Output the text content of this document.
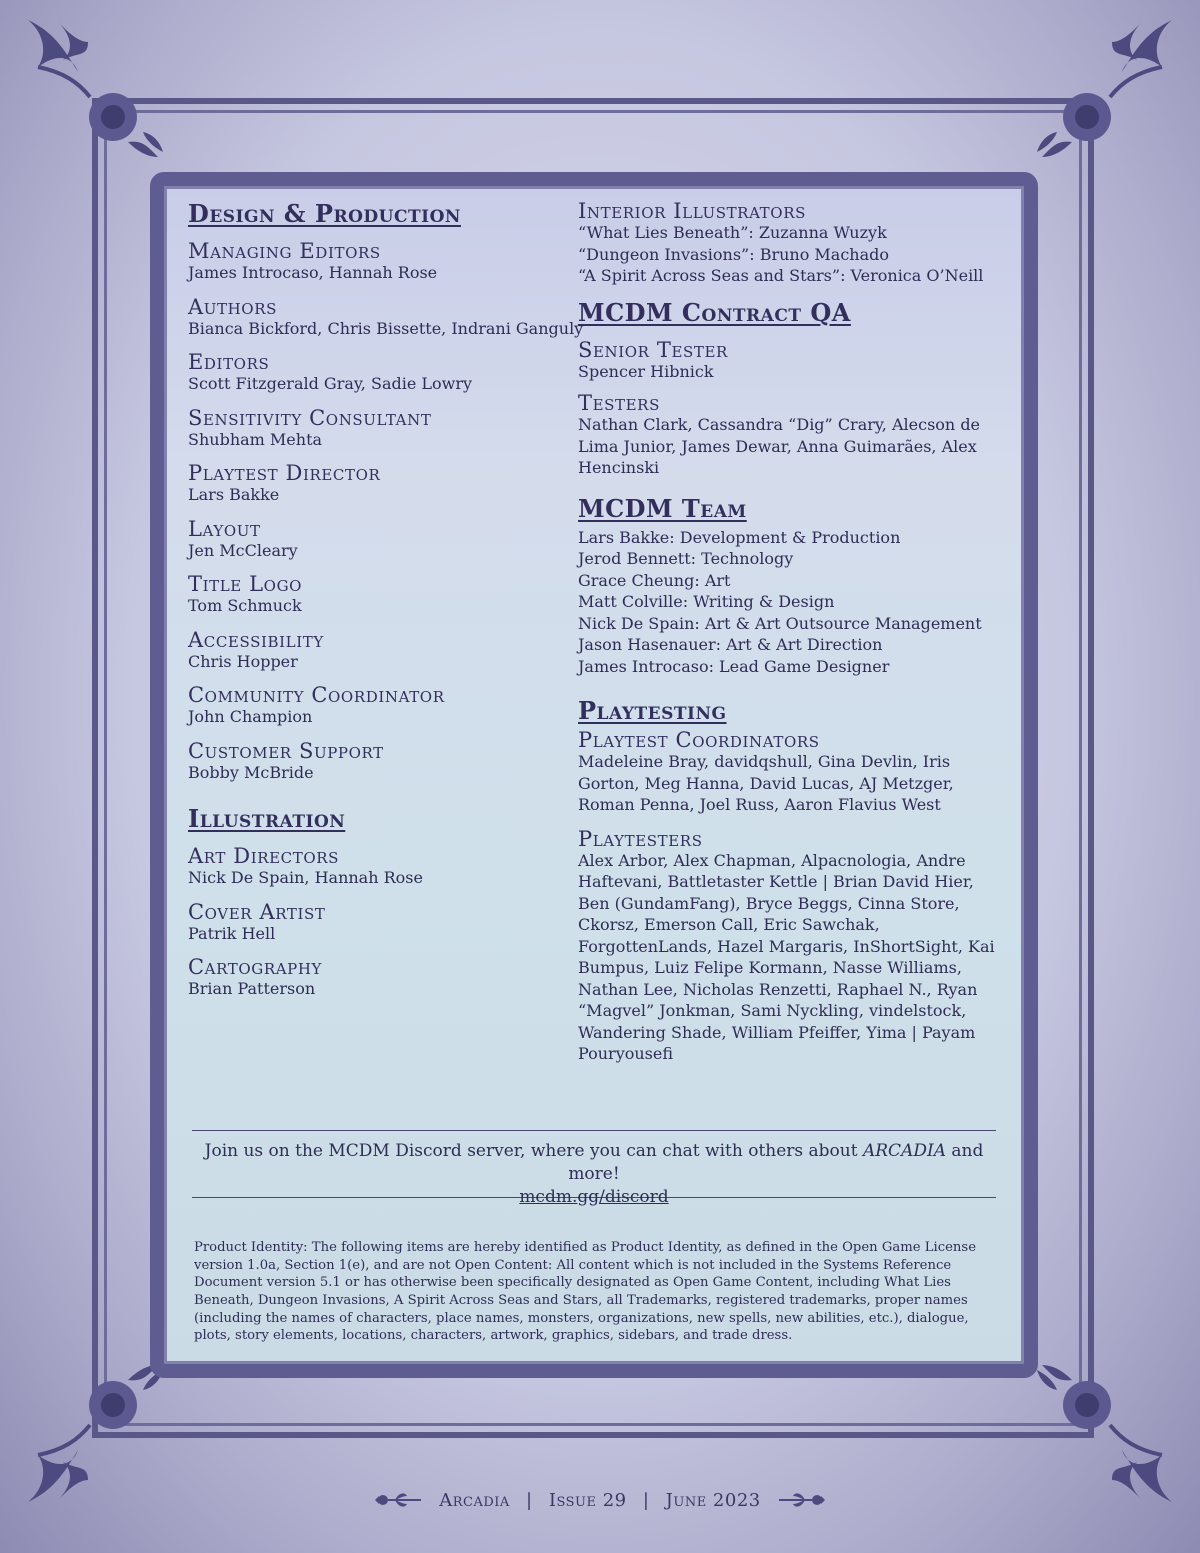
Design & Production

Managing Editors

James Introcaso, Hannah Rose

Authors

Bianca Bickford, Chris Bissette, Indrani Ganguly

Editors

Scott Fitzgerald Gray, Sadie Lowry

Sensitivity Consultant

Shubham Mehta

Playtest Director

Lars Bakke

Layout

Jen McCleary

Title Logo

Tom Schmuck

Accessibility

Chris Hopper

Community Coordinator

John Champion

Customer Support

Bobby McBride

Illustration

Art Directors

Nick De Spain, Hannah Rose

Cover Artist

Patrik Hell

Cartography

Brian Patterson

Interior Illustrators

“What Lies Beneath”: Zuzanna Wuzyk

“Dungeon Invasions”: Bruno Machado

“A Spirit Across Seas and Stars”: Veronica O’Neill

MCDM Contract QA

Senior Tester

Spencer Hibnick

Testers

Nathan Clark, Cassandra “Dig” Crary, Alecson de Lima Junior, James Dewar, Anna Guimarães, Alex Hencinski

MCDM Team

Lars Bakke: Development & Production

Jerod Bennett: Technology

Grace Cheung: Art

Matt Colville: Writing & Design

Nick De Spain: Art & Art Outsource Management

Jason Hasenauer: Art & Art Direction

James Introcaso: Lead Game Designer

Playtesting

Playtest Coordinators

Madeleine Bray, davidqshull, Gina Devlin, Iris Gorton, Meg Hanna, David Lucas, AJ Metzger, Roman Penna, Joel Russ, Aaron Flavius West

Playtesters

Alex Arbor, Alex Chapman, Alpacnologia, Andre Haftevani, Battletaster Kettle | Brian David Hier, Ben (GundamFang), Bryce Beggs, Cinna Store, Ckorsz, Emerson Call, Eric Sawchak, ForgottenLands, Hazel Margaris, InShortSight, Kai Bumpus, Luiz Felipe Kormann, Nasse Williams, Nathan Lee, Nicholas Renzetti, Raphael N., Ryan “Magvel” Jonkman, Sami Nyckling, vindelstock, Wandering Shade, William Pfeiffer, Yima | Payam Pouryousefi

Join us on the MCDM Discord server, where you can chat with others about ARCADIA and more!
mcdm.gg/discord

Product Identity: The following items are hereby identified as Product Identity, as defined in the Open Game License version 1.0a, Section 1(e), and are not Open Content: All content which is not included in the Systems Reference Document version 5.1 or has otherwise been specifically designated as Open Game Content, including What Lies Beneath, Dungeon Invasions, A Spirit Across Seas and Stars, all Trademarks, registered trademarks, proper names (including the names of characters, place names, monsters, organizations, new spells, new abilities, etc.), dialogue, plots, story elements, locations, characters, artwork, graphics, sidebars, and trade dress.

Arcadia | Issue 29 | June 2023
